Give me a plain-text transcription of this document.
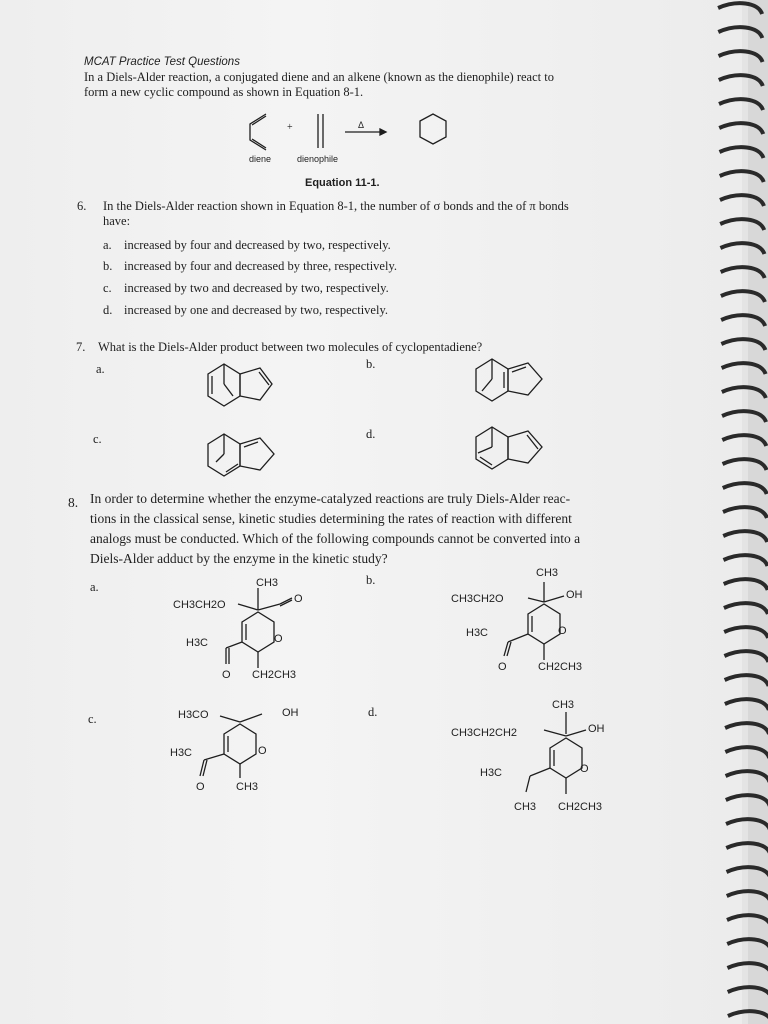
MCAT Practice Test Questions
In a Diels-Alder reaction, a conjugated diene and an alkene (known as the dienophile) react to
form a new cyclic compound as shown in Equation 8-1.
+	Δ
diene	dienophile
Equation 11-1.
6. In the Diels-Alder reaction shown in Equation 8-1, the number of σ bonds and the of π bonds
have:
a. increased by four and decreased by two, respectively.
b. increased by four and decreased by three, respectively.
c. increased by two and decreased by two, respectively.
d. increased by one and decreased by two, respectively.
7. What is the Diels-Alder product between two molecules of cyclopentadiene?
a.	b.
c.	d.
8. In order to determine whether the enzyme-catalyzed reactions are truly Diels-Alder reac-
tions in the classical sense, kinetic studies determining the rates of reaction with different
analogs must be conducted. Which of the following compounds cannot be converted into a
Diels-Alder adduct by the enzyme in the kinetic study?
a.	b.
c.	d.
CH3
CH3CH2O	O
H3C	O
O CH2CH3
CH3
CH3CH2O	OH
H3C	O
O	CH2CH3
H3CO	OH
H3C	O
O	CH3
CH3
CH3CH2CH2	OH
H3C	O
CH3 CH2CH3
